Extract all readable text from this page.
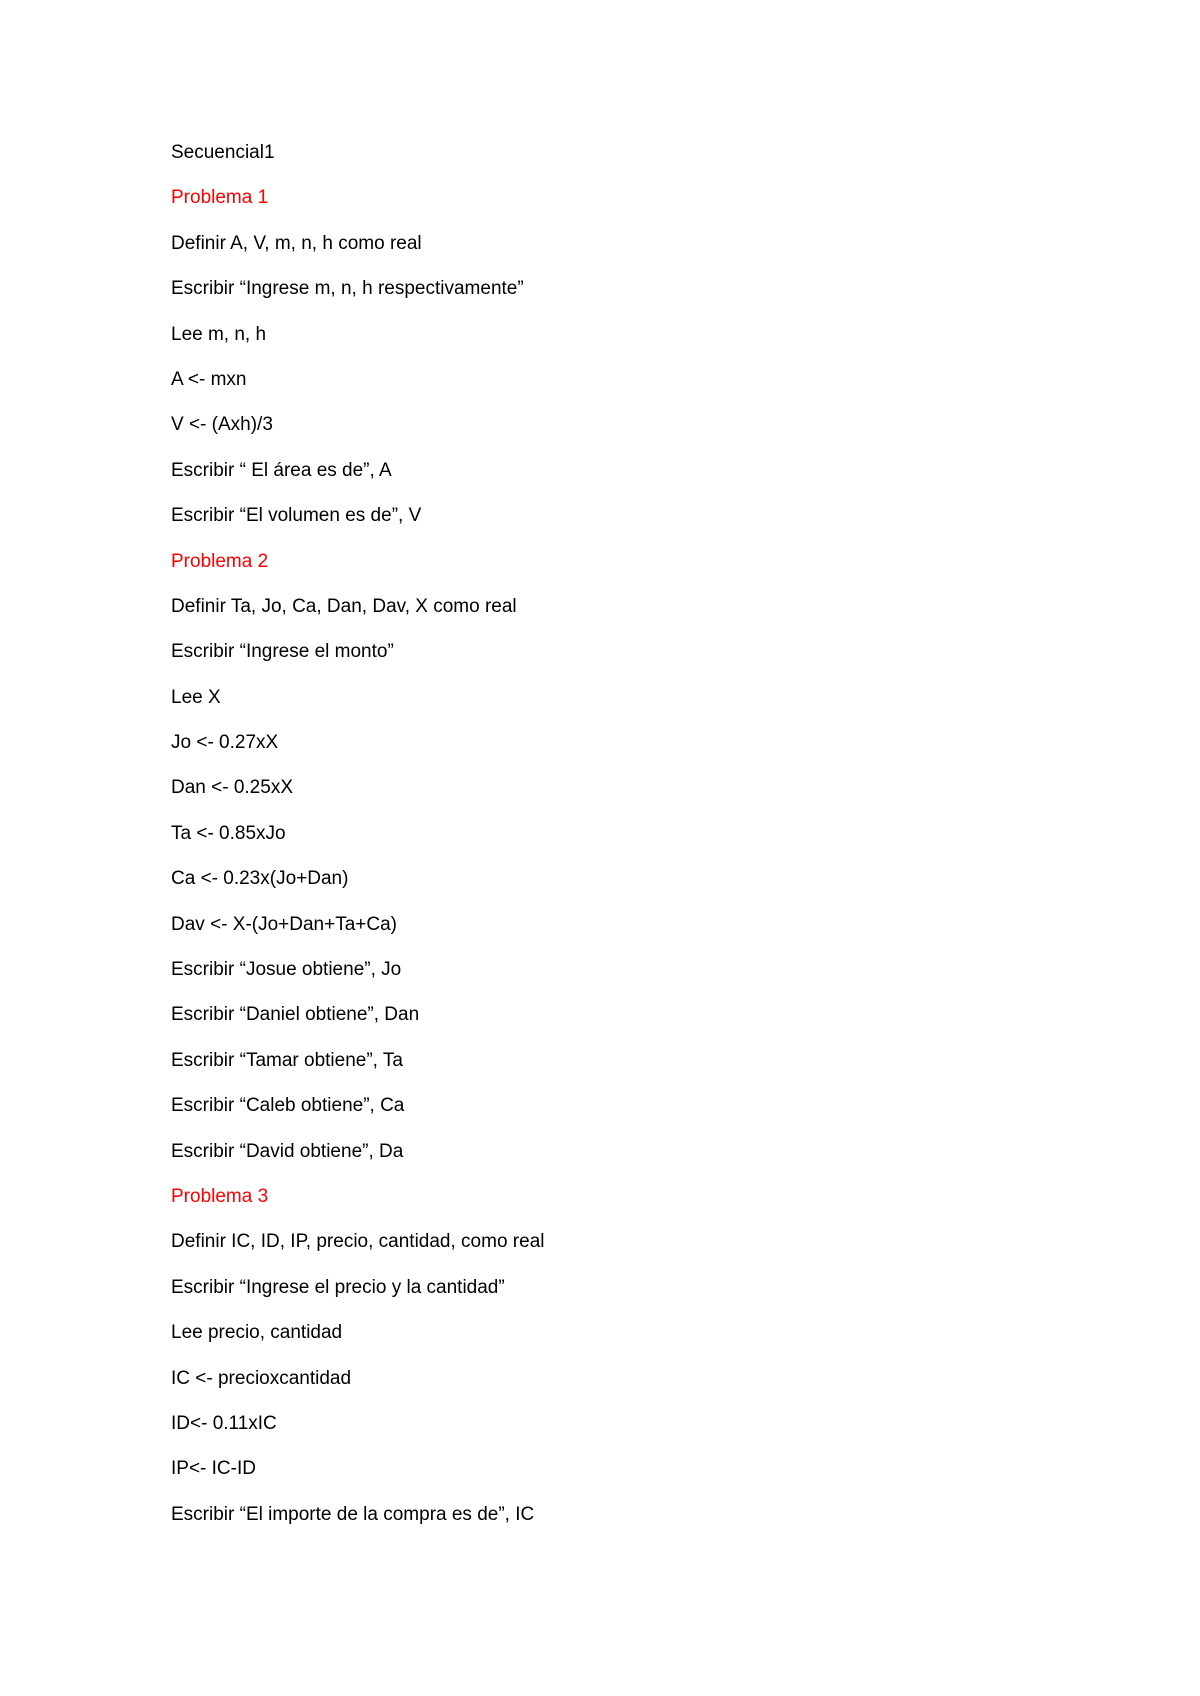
Secuencial1
Problema 1
Definir A, V, m, n, h como real
Escribir “Ingrese m, n, h respectivamente”
Lee m, n, h
A <- mxn
V <- (Axh)/3
Escribir “ El área es de”, A
Escribir “El volumen es de”, V
Problema 2
Definir Ta, Jo, Ca, Dan, Dav, X como real
Escribir “Ingrese el monto”
Lee X
Jo <- 0.27xX
Dan <- 0.25xX
Ta <- 0.85xJo
Ca <- 0.23x(Jo+Dan)
Dav <- X-(Jo+Dan+Ta+Ca)
Escribir “Josue obtiene”, Jo
Escribir “Daniel obtiene”, Dan
Escribir “Tamar obtiene”, Ta
Escribir “Caleb obtiene”, Ca
Escribir “David obtiene”, Da
Problema 3
Definir IC, ID, IP, precio, cantidad, como real
Escribir “Ingrese el precio y la cantidad”
Lee precio, cantidad
IC <- precioxcantidad
ID<- 0.11xIC
IP<- IC-ID
Escribir “El importe de la compra es de”, IC
